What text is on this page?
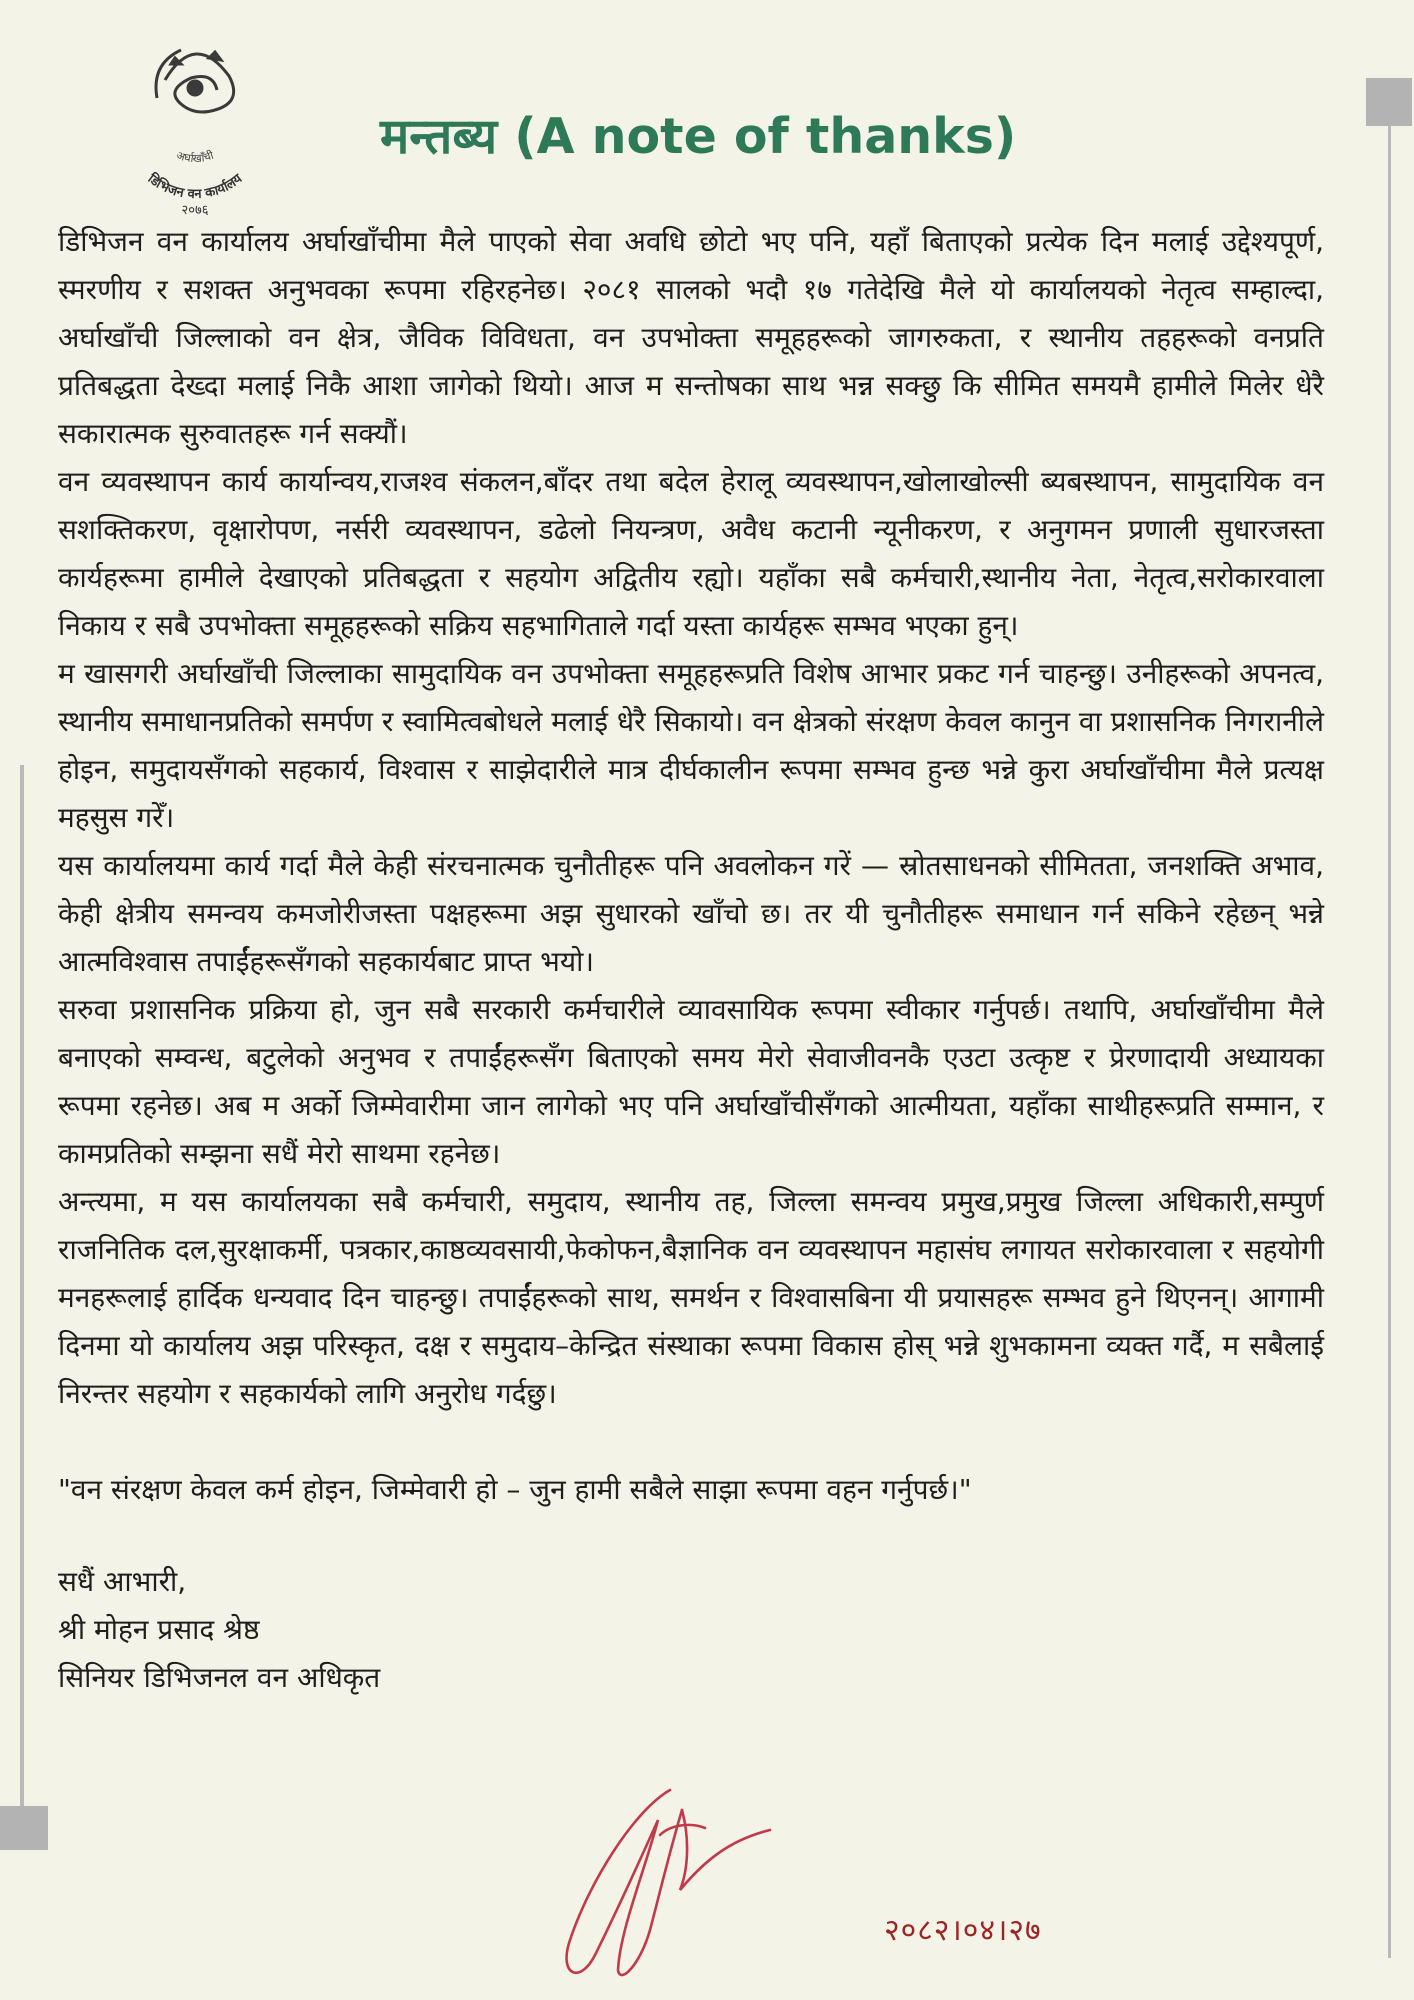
अर्घाखाँची
डिभिजन वन कार्यालय
२०७६
मन्तब्य (A note of thanks)

डिभिजन वन कार्यालय अर्घाखाँचीमा मैले पाएको सेवा अवधि छोटो भए पनि, यहाँ बिताएको प्रत्येक दिन मलाई उद्देश्यपूर्ण, स्मरणीय र सशक्त अनुभवका रूपमा रहिरहनेछ। २०८१ सालको भदौ १७ गतेदेखि मैले यो कार्यालयको नेतृत्व सम्हाल्दा, अर्घाखाँची जिल्लाको वन क्षेत्र, जैविक विविधता, वन उपभोक्ता समूहहरूको जागरुकता, र स्थानीय तहहरूको वनप्रति प्रतिबद्धता देख्दा मलाई निकै आशा जागेको थियो। आज म सन्तोषका साथ भन्न सक्छु कि सीमित समयमै हामीले मिलेर धेरै सकारात्मक सुरुवातहरू गर्न सक्यौं।

वन व्यवस्थापन कार्य कार्यान्वय,राजश्व संकलन,बाँदर तथा बदेल हेरालू व्यवस्थापन,खोलाखोल्सी ब्यबस्थापन, सामुदायिक वन सशक्तिकरण, वृक्षारोपण, नर्सरी व्यवस्थापन, डढेलो नियन्त्रण, अवैध कटानी न्यूनीकरण, र अनुगमन प्रणाली सुधारजस्ता कार्यहरूमा हामीले देखाएको प्रतिबद्धता र सहयोग अद्वितीय रह्यो। यहाँका सबै कर्मचारी,स्थानीय नेता, नेतृत्व,सरोकारवाला निकाय र सबै उपभोक्ता समूहहरूको सक्रिय सहभागिताले गर्दा यस्ता कार्यहरू सम्भव भएका हुन्।

म खासगरी अर्घाखाँची जिल्लाका सामुदायिक वन उपभोक्ता समूहहरूप्रति विशेष आभार प्रकट गर्न चाहन्छु। उनीहरूको अपनत्व, स्थानीय समाधानप्रतिको समर्पण र स्वामित्वबोधले मलाई धेरै सिकायो। वन क्षेत्रको संरक्षण केवल कानुन वा प्रशासनिक निगरानीले होइन, समुदायसँगको सहकार्य, विश्वास र साझेदारीले मात्र दीर्घकालीन रूपमा सम्भव हुन्छ भन्ने कुरा अर्घाखाँचीमा मैले प्रत्यक्ष महसुस गरेँ।

यस कार्यालयमा कार्य गर्दा मैले केही संरचनात्मक चुनौतीहरू पनि अवलोकन गरें — स्रोतसाधनको सीमितता, जनशक्ति अभाव, केही क्षेत्रीय समन्वय कमजोरीजस्ता पक्षहरूमा अझ सुधारको खाँचो छ। तर यी चुनौतीहरू समाधान गर्न सकिने रहेछन् भन्ने आत्मविश्वास तपाईंहरूसँगको सहकार्यबाट प्राप्त भयो।

सरुवा प्रशासनिक प्रक्रिया हो, जुन सबै सरकारी कर्मचारीले व्यावसायिक रूपमा स्वीकार गर्नुपर्छ। तथापि, अर्घाखाँचीमा मैले बनाएको सम्वन्ध, बटुलेको अनुभव र तपाईंहरूसँग बिताएको समय मेरो सेवाजीवनकै एउटा उत्कृष्ट र प्रेरणादायी अध्यायका रूपमा रहनेछ। अब म अर्को जिम्मेवारीमा जान लागेको भए पनि अर्घाखाँचीसँगको आत्मीयता, यहाँका साथीहरूप्रति सम्मान, र कामप्रतिको सम्झना सधैं मेरो साथमा रहनेछ।

अन्त्यमा, म यस कार्यालयका सबै कर्मचारी, समुदाय, स्थानीय तह, जिल्ला समन्वय प्रमुख,प्रमुख जिल्ला अधिकारी,सम्पुर्ण राजनितिक दल,सुरक्षाकर्मी, पत्रकार,काष्ठव्यवसायी,फेकोफन,बैज्ञानिक वन व्यवस्थापन महासंघ लगायत सरोकारवाला र सहयोगी मनहरूलाई हार्दिक धन्यवाद दिन चाहन्छु। तपाईंहरूको साथ, समर्थन र विश्वासबिना यी प्रयासहरू सम्भव हुने थिएनन्। आगामी दिनमा यो कार्यालय अझ परिस्कृत, दक्ष र समुदाय–केन्द्रित संस्थाका रूपमा विकास होस् भन्ने शुभकामना व्यक्त गर्दै, म सबैलाई निरन्तर सहयोग र सहकार्यको लागि अनुरोध गर्दछु।

"वन संरक्षण केवल कर्म होइन, जिम्मेवारी हो – जुन हामी सबैले साझा रूपमा वहन गर्नुपर्छ।"

सधैं आभारी,
श्री मोहन प्रसाद श्रेष्ठ
सिनियर डिभिजनल वन अधिकृत
२०८२।०४।२७
